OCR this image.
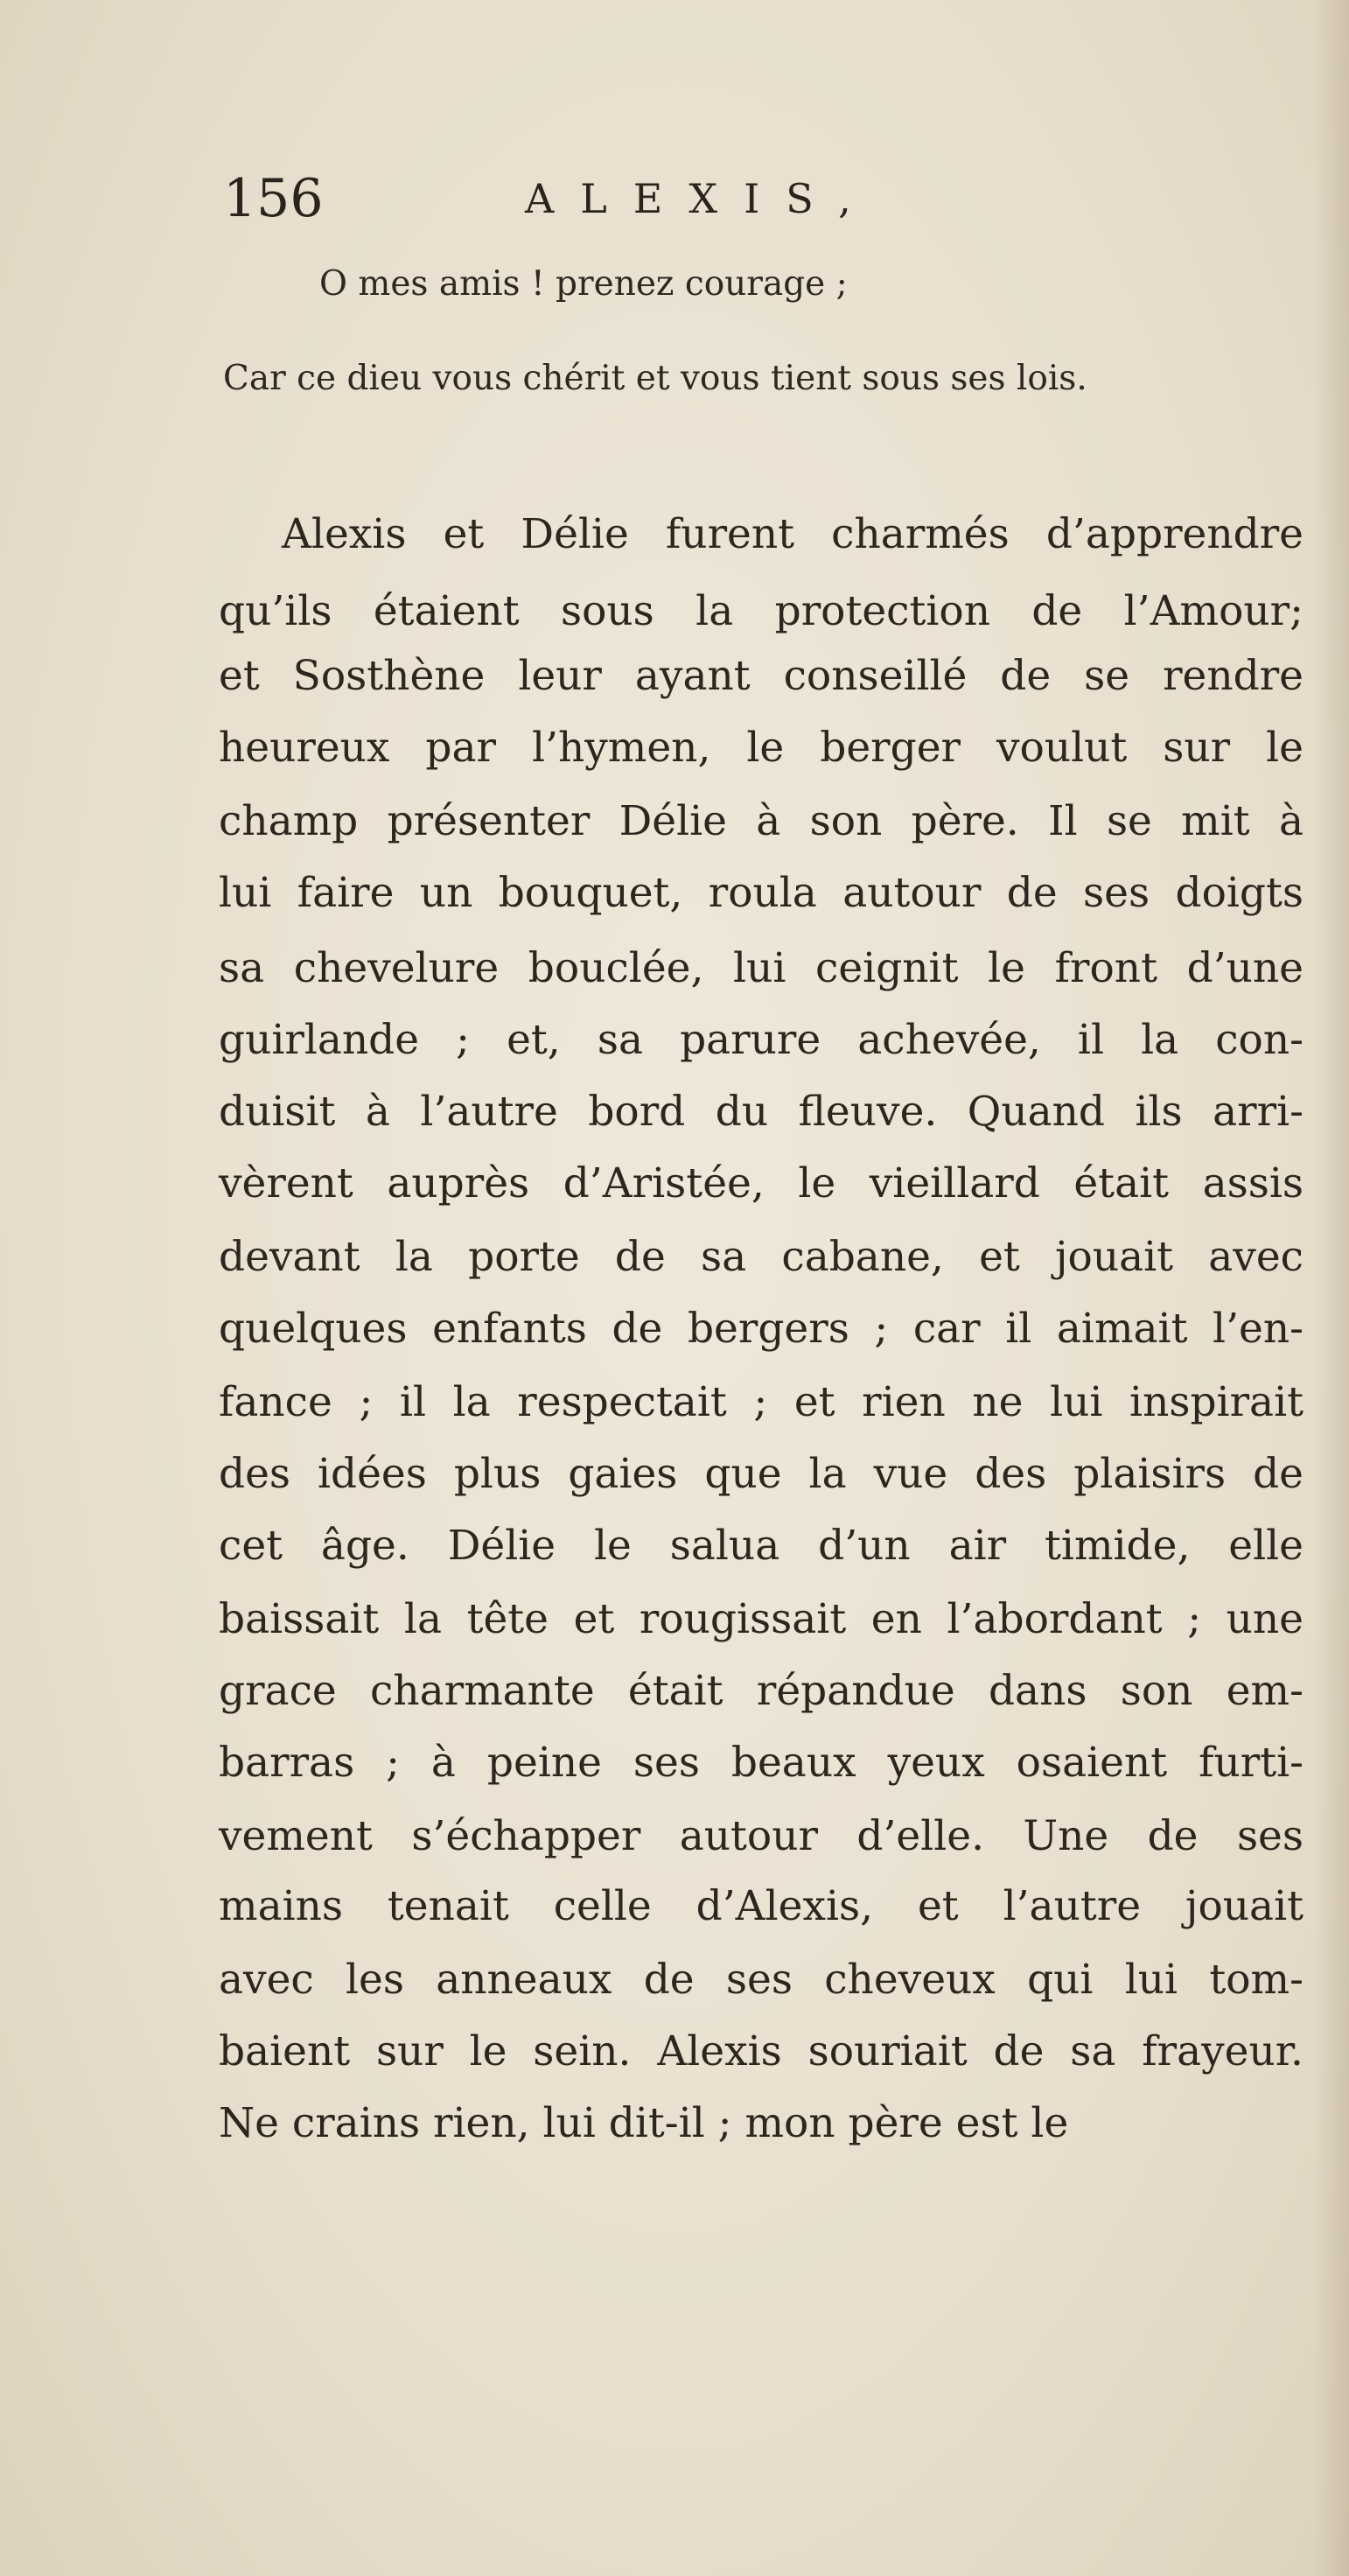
156	ALEXIS,
O mes amis ! prenez courage ;
Car ce dieu vous chérit et vous tient sous ses lois.
Alexis et Délie furent charmés d’apprendre
qu’ils étaient sous la protection de l’Amour;
et Sosthène leur ayant conseillé de se rendre
heureux par l’hymen, le berger voulut sur le
champ présenter Délie à son père. Il se mit à
lui faire un bouquet, roula autour de ses doigts
sa chevelure bouclée, lui ceignit le front d’une
guirlande ; et, sa parure achevée, il la con-
duisit à l’autre bord du fleuve. Quand ils arri-
vèrent auprès d’Aristée, le vieillard était assis
devant la porte de sa cabane, et jouait avec
quelques enfants de bergers ; car il aimait l’en-
fance ; il la respectait ; et rien ne lui inspirait
des idées plus gaies que la vue des plaisirs de
cet âge. Délie le salua d’un air timide, elle
baissait la tête et rougissait en l’abordant ; une
grace charmante était répandue dans son em-
barras ; à peine ses beaux yeux osaient furti-
vement s’échapper autour d’elle. Une de ses
mains tenait celle d’Alexis, et l’autre jouait
avec les anneaux de ses cheveux qui lui tom-
baient sur le sein. Alexis souriait de sa frayeur.
Ne crains rien, lui dit-il ; mon père est le
